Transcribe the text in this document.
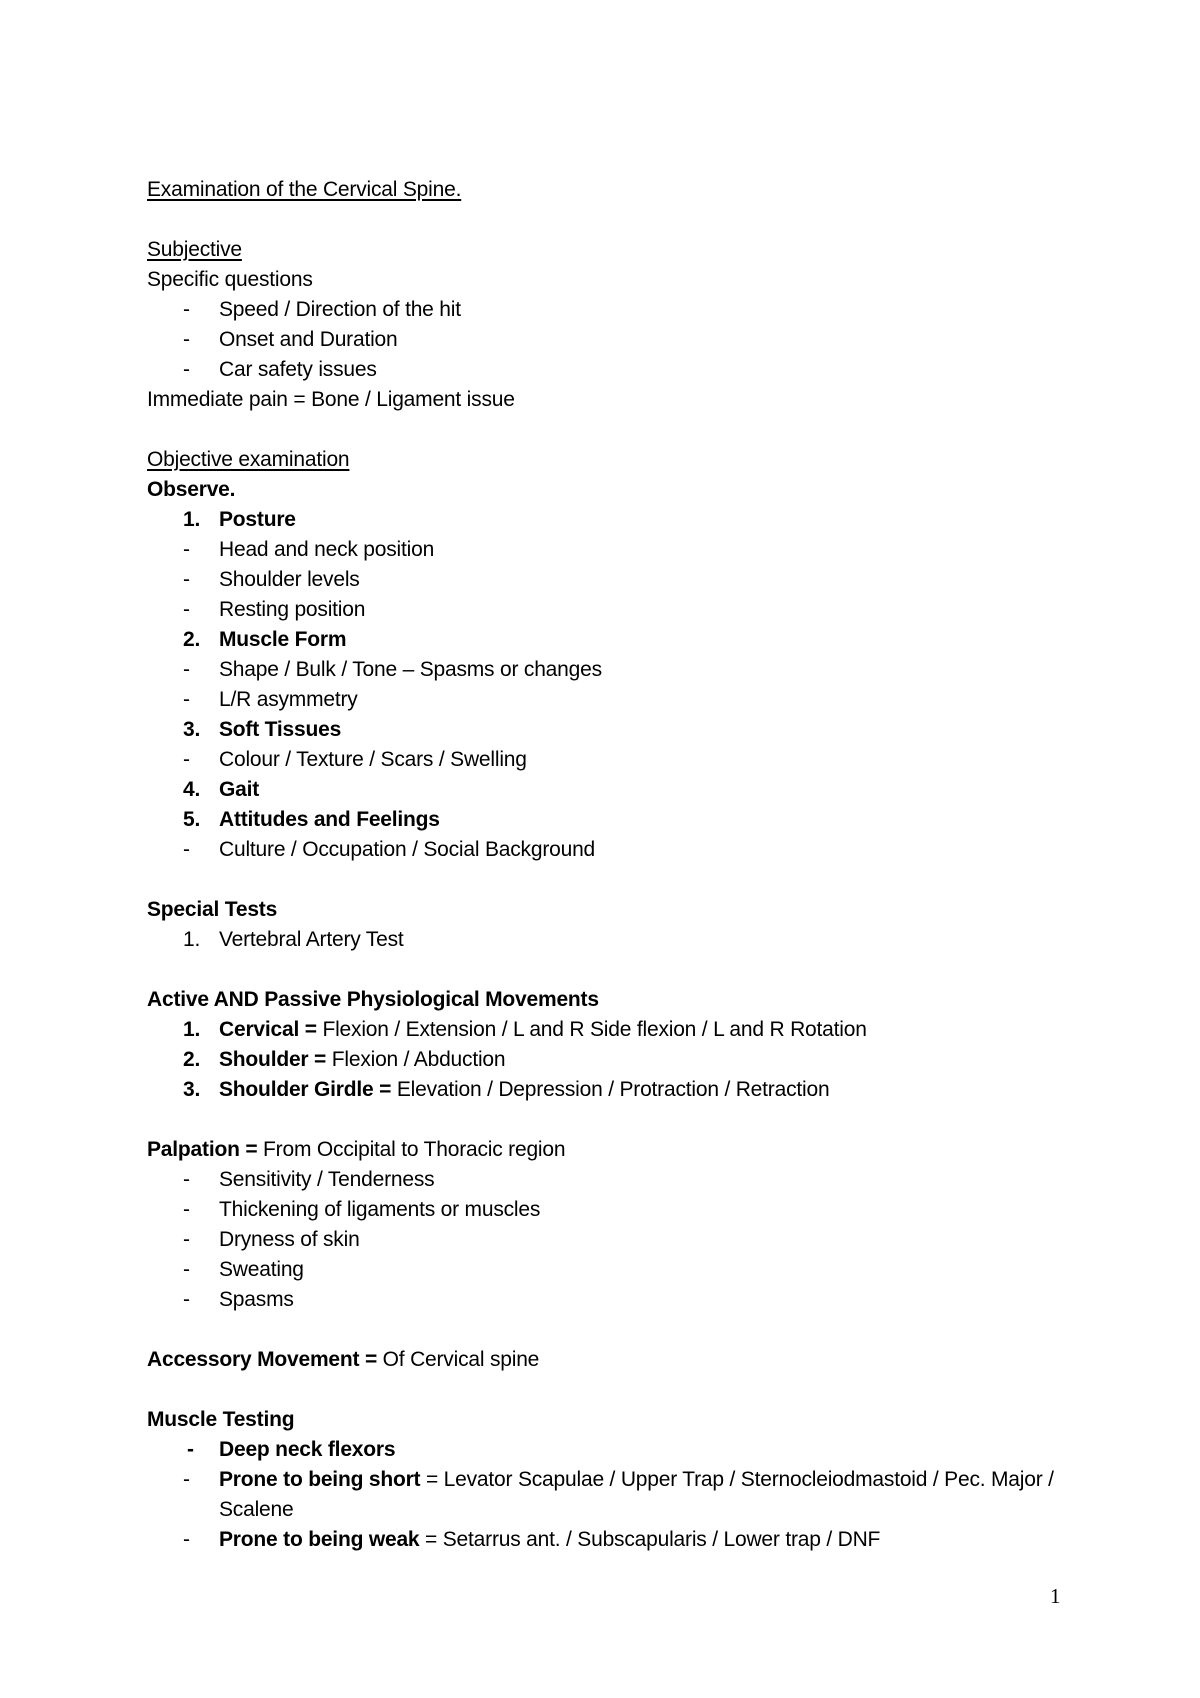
Examination of the Cervical Spine.
Subjective
Specific questions
- Speed / Direction of the hit
- Onset and Duration
- Car safety issues
Immediate pain = Bone / Ligament issue
Objective examination
Observe.
1. Posture
- Head and neck position
- Shoulder levels
- Resting position
2. Muscle Form
- Shape / Bulk / Tone – Spasms or changes
- L/R asymmetry
3. Soft Tissues
- Colour / Texture / Scars / Swelling
4. Gait
5. Attitudes and Feelings
- Culture / Occupation / Social Background
Special Tests
1. Vertebral Artery Test
Active AND Passive Physiological Movements
1. Cervical = Flexion / Extension / L and R Side flexion / L and R Rotation
2. Shoulder = Flexion / Abduction
3. Shoulder Girdle = Elevation / Depression / Protraction / Retraction
Palpation = From Occipital to Thoracic region
- Sensitivity / Tenderness
- Thickening of ligaments or muscles
- Dryness of skin
- Sweating
- Spasms
Accessory Movement = Of Cervical spine
Muscle Testing
- Deep neck flexors
- Prone to being short = Levator Scapulae / Upper Trap / Sternocleiodmastoid / Pec. Major / Scalene
- Prone to being weak = Setarrus ant. / Subscapularis / Lower trap / DNF
1
